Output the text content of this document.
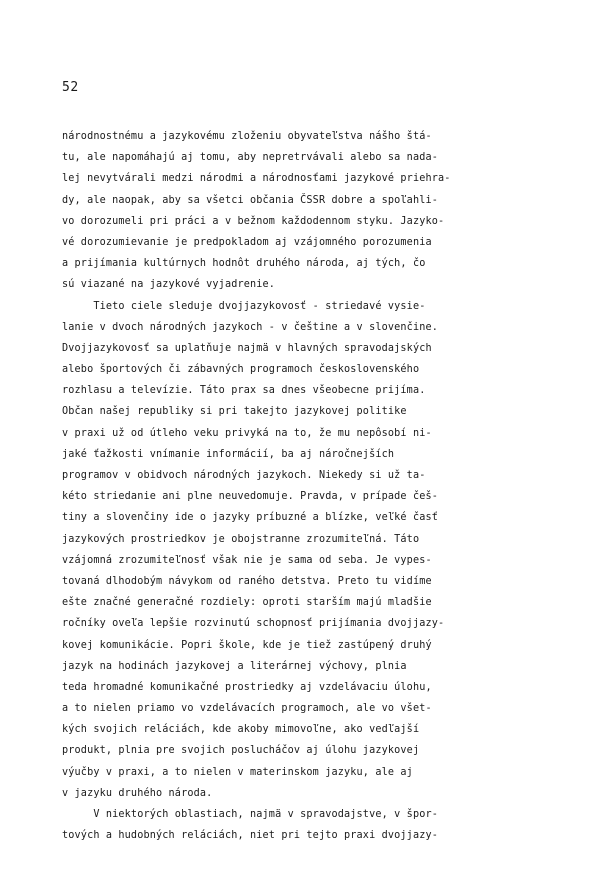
52
národnostnému a jazykovému zloženiu obyvateľstva nášho štá-
tu, ale napomáhajú aj tomu, aby nepretrvávali alebo sa nada-
lej nevytvárali medzi národmi a národnosťami jazykové priehra-
dy, ale naopak, aby sa všetci občania ČSSR dobre a spoľahli-
vo dorozumeli pri práci a v bežnom každodennom styku. Jazyko-
vé dorozumievanie je predpokladom aj vzájomného porozumenia
a prijímania kultúrnych hodnôt druhého národa, aj tých, čo
sú viazané na jazykové vyjadrenie.
Tieto ciele sleduje dvojjazykovosť - striedavé vysie-
lanie v dvoch národných jazykoch - v češtine a v slovenčine.
Dvojjazykovosť sa uplatňuje najmä v hlavných spravodajských
alebo športových či zábavných programoch československého
rozhlasu a televízie. Táto prax sa dnes všeobecne prijíma.
Občan našej republiky si pri takejto jazykovej politike
v praxi už od útleho veku privyká na to, že mu nepôsobí ni-
jaké ťažkosti vnímanie informácií, ba aj náročnejších
programov v obidvoch národných jazykoch. Niekedy si už ta-
kéto striedanie ani plne neuvedomuje. Pravda, v prípade češ-
tiny a slovenčiny ide o jazyky príbuzné a blízke, veľké časť
jazykových prostriedkov je obojstranne zrozumiteľná. Táto
vzájomná zrozumiteľnosť však nie je sama od seba. Je vypes-
tovaná dlhodobým návykom od raného detstva. Preto tu vidíme
ešte značné generačné rozdiely: oproti starším majú mladšie
ročníky oveľa lepšie rozvinutú schopnosť prijímania dvojjazy-
kovej komunikácie. Popri škole, kde je tiež zastúpený druhý
jazyk na hodinách jazykovej a literárnej výchovy, plnia
teda hromadné komunikačné prostriedky aj vzdelávaciu úlohu,
a to nielen priamo vo vzdelávacích programoch, ale vo všet-
kých svojich reláciách, kde akoby mimovoľne, ako vedľajší
produkt, plnia pre svojich poslucháčov aj úlohu jazykovej
výučby v praxi, a to nielen v materinskom jazyku, ale aj
v jazyku druhého národa.
V niektorých oblastiach, najmä v spravodajstve, v špor-
tových a hudobných reláciách, niet pri tejto praxi dvojjazy-
